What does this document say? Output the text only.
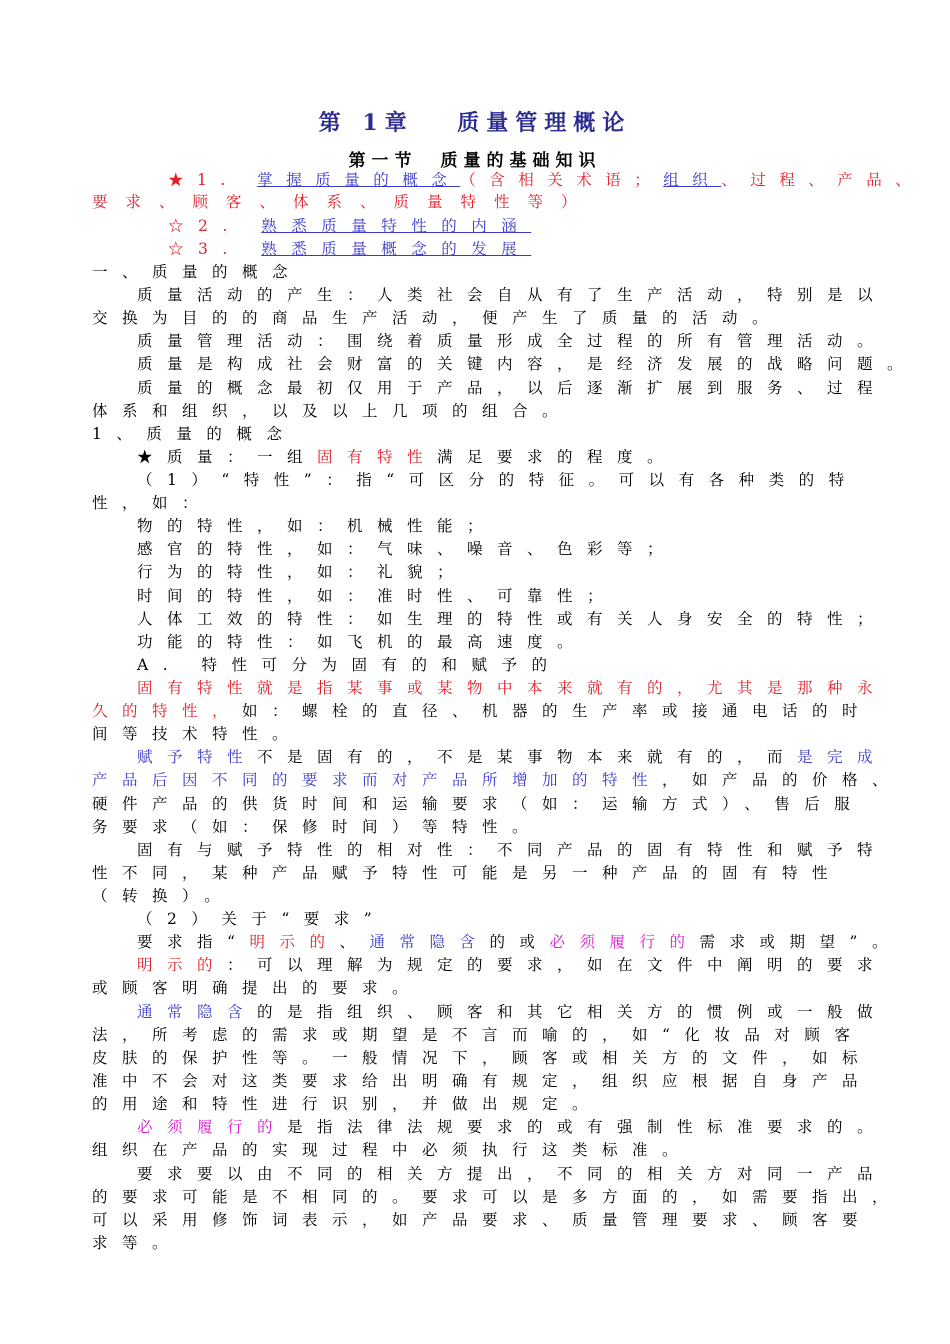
第 1章　 质量管理概论
第一节　质量的基础知识
★1. 掌握质量的概念（含相关术语；组织、过程、产品、
要求、顾客、体系、质量特性等）
☆2. 熟悉质量特性的内涵
☆3. 熟悉质量概念的发展
一、质量的概念
质量活动的产生：人类社会自从有了生产活动，特别是以
交换为目的的商品生产活动，便产生了质量的活动。
质量管理活动：围绕着质量形成全过程的所有管理活动。
质量是构成社会财富的关键内容，是经济发展的战略问题。
质量的概念最初仅用于产品，以后逐渐扩展到服务、过程
体系和组织，以及以上几项的组合。
1、质量的概念
★质量：一组固有特性满足要求的程度。
（1）“特性”：指“可区分的特征。可以有各种类的特
性，如：
物的特性，如：机械性能；
感官的特性，如：气味、噪音、色彩等；
行为的特性，如：礼貌；
时间的特性，如：准时性、可靠性；
人体工效的特性：如生理的特性或有关人身安全的特性；
功能的特性：如飞机的最高速度。
A. 特性可分为固有的和赋予的
固有特性就是指某事或某物中本来就有的，尤其是那种永
久的特性，如：螺栓的直径、机器的生产率或接通电话的时
间等技术特性。
赋予特性不是固有的，不是某事物本来就有的，而是完成
产品后因不同的要求而对产品所增加的特性，如产品的价格、
硬件产品的供货时间和运输要求（如：运输方式）、售后服
务要求（如：保修时间）等特性。
固有与赋予特性的相对性：不同产品的固有特性和赋予特
性不同，某种产品赋予特性可能是另一种产品的固有特性
（转换）。
（2）关于“要求”
要求指“明示的、通常隐含的或必须履行的需求或期望”。
明示的：可以理解为规定的要求，如在文件中阐明的要求
或顾客明确提出的要求。
通常隐含的是指组织、顾客和其它相关方的惯例或一般做
法，所考虑的需求或期望是不言而喻的，如“化妆品对顾客
皮肤的保护性等。一般情况下，顾客或相关方的文件，如标
准中不会对这类要求给出明确有规定，组织应根据自身产品
的用途和特性进行识别，并做出规定。
必须履行的是指法律法规要求的或有强制性标准要求的。
组织在产品的实现过程中必须执行这类标准。
要求要以由不同的相关方提出，不同的相关方对同一产品
的要求可能是不相同的。要求可以是多方面的，如需要指出，
可以采用修饰词表示，如产品要求、质量管理要求、顾客要
求等。
